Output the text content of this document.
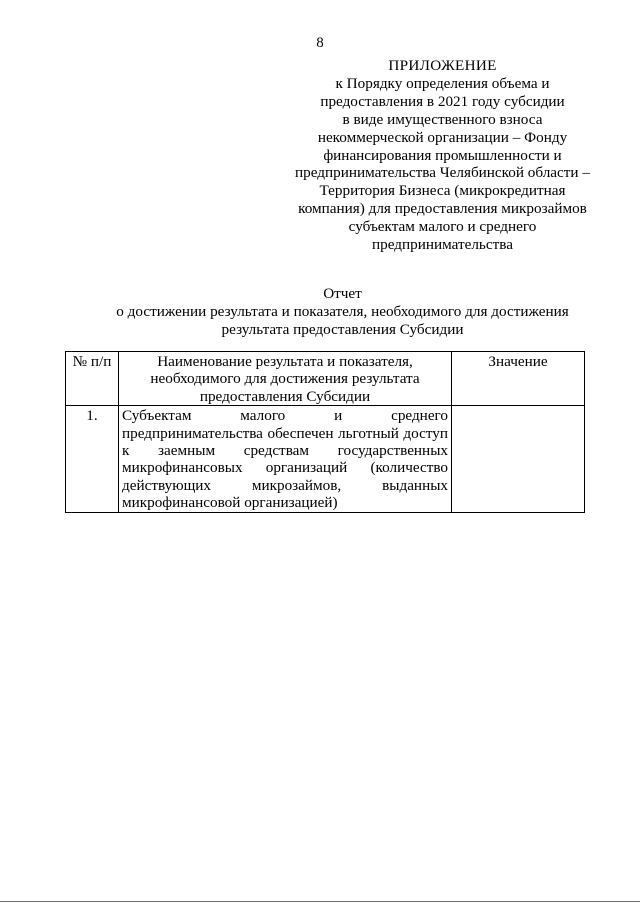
8
ПРИЛОЖЕНИЕ
к Порядку определения объема и
предоставления в 2021 году субсидии
в виде имущественного взноса
некоммерческой организации – Фонду
финансирования промышленности и
предпринимательства Челябинской области –
Территория Бизнеса (микрокредитная
компания) для предоставления микрозаймов
субъектам малого и среднего
предпринимательства
Отчет
о достижении результата и показателя, необходимого для достижения
результата предоставления Субсидии
№ п/п	Наименование результата и показателя, необходимого для достижения результата предоставления Субсидии	Значение
1.	Субъектам малого и среднего предпринимательства обеспечен льготный доступ к заемным средствам государственных микрофинансовых организаций (количество действующих микрозаймов, выданных микрофинансовой организацией)	
